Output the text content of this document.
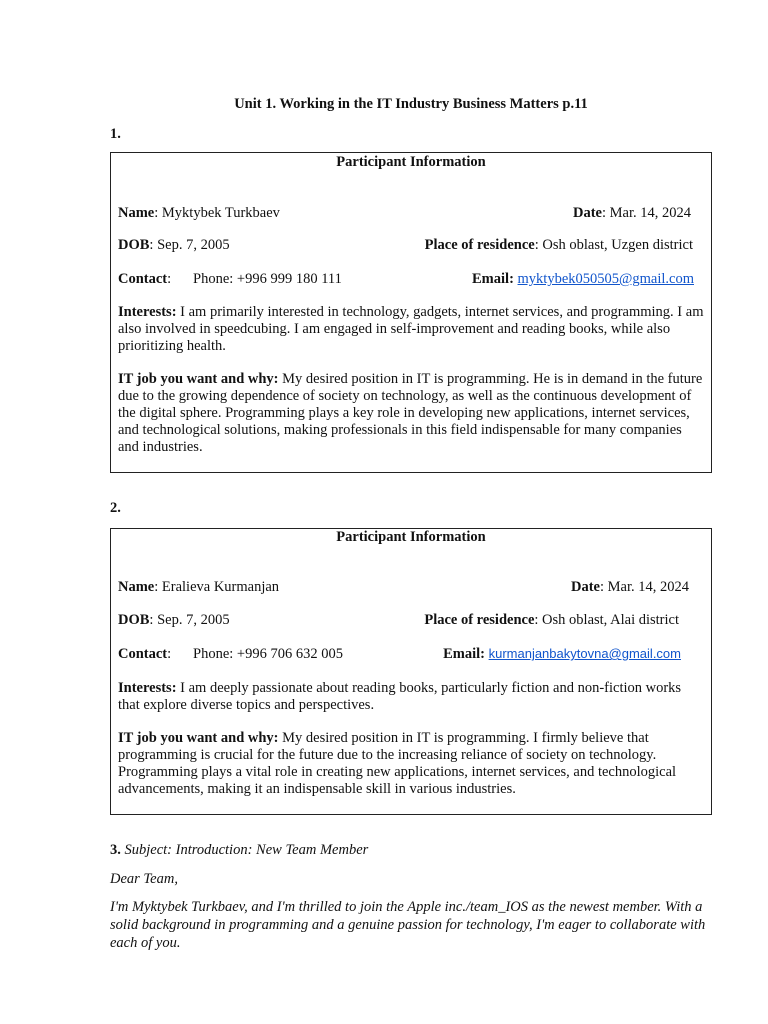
Unit 1. Working in the IT Industry Business Matters p.11
1.
Participant Information
Name: Myktybek Turkbaev	Date: Mar. 14, 2024
DOB: Sep. 7, 2005	Place of residence: Osh oblast, Uzgen district
Contact: Phone: +996 999 180 111	Email: myktybek050505@gmail.com
Interests: I am primarily interested in technology, gadgets, internet services, and programming. I am also involved in speedcubing. I am engaged in self-improvement and reading books, while also prioritizing health.
IT job you want and why: My desired position in IT is programming. He is in demand in the future due to the growing dependence of society on technology, as well as the continuous development of the digital sphere. Programming plays a key role in developing new applications, internet services, and technological solutions, making professionals in this field indispensable for many companies and industries.
2.
Participant Information
Name: Eralieva Kurmanjan	Date: Mar. 14, 2024
DOB: Sep. 7, 2005	Place of residence: Osh oblast, Alai district
Contact: Phone: +996 706 632 005	Email: kurmanjanbakytovna@gmail.com
Interests: I am deeply passionate about reading books, particularly fiction and non-fiction works that explore diverse topics and perspectives.
IT job you want and why: My desired position in IT is programming. I firmly believe that programming is crucial for the future due to the increasing reliance of society on technology. Programming plays a vital role in creating new applications, internet services, and technological advancements, making it an indispensable skill in various industries.
3. Subject: Introduction: New Team Member
Dear Team,
I'm Myktybek Turkbaev, and I'm thrilled to join the Apple inc./team_IOS as the newest member. With a solid background in programming and a genuine passion for technology, I'm eager to collaborate with each of you.
